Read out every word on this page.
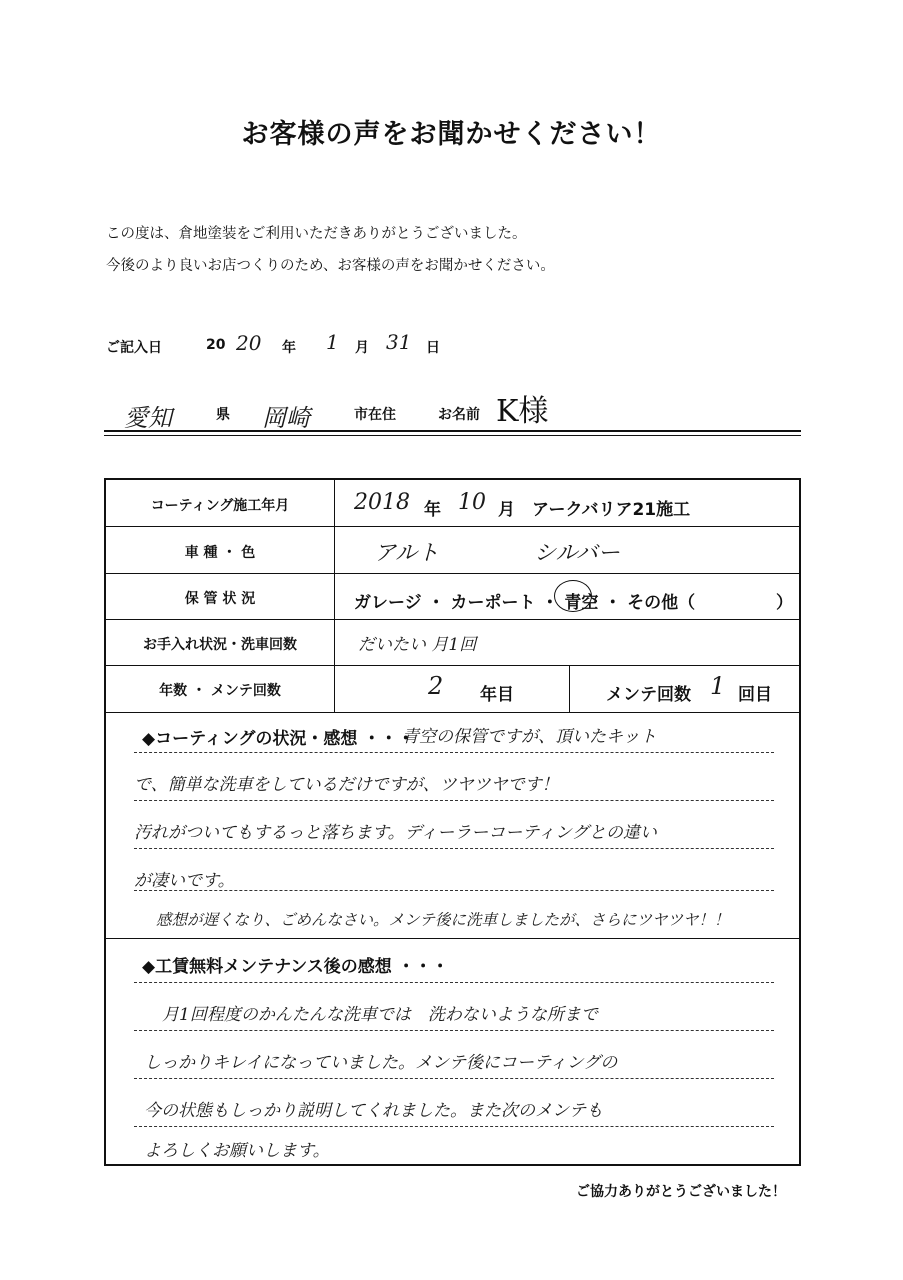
お客様の声をお聞かせください！
この度は、倉地塗装をご利用いただきありがとうございました。
今後のより良いお店つくりのため、お客様の声をお聞かせください。
ご記入日	20 20 年 1 月 31 日
愛知	県 岡崎	市在住	お名前 K様
コーティング施工年月	2018 年 10 月 アークバリア21施工
車 種 ・ 色	アルト	シルバー
保 管 状 況	ガレージ ・ カーポート ・ 青空 ・ その他（	）
お手入れ状況・洗車回数	だいたい 月1回
年数 ・ メンテ回数	2 年目	メンテ回数 1 回目
◆コーティングの状況・感想 ・・・
青空の保管ですが、頂いたキット
で、簡単な洗車をしているだけですが、ツヤツヤです！
汚れがついてもするっと落ちます。ディーラーコーティングとの違い
が凄いです。
感想が遅くなり、ごめんなさい。メンテ後に洗車しましたが、さらにツヤツヤ！！
◆工賃無料メンテナンス後の感想 ・・・
月1回程度のかんたんな洗車では　洗わないような所まで
しっかりキレイになっていました。メンテ後にコーティングの
今の状態もしっかり説明してくれました。また次のメンテも
よろしくお願いします。
ご協力ありがとうございました！
